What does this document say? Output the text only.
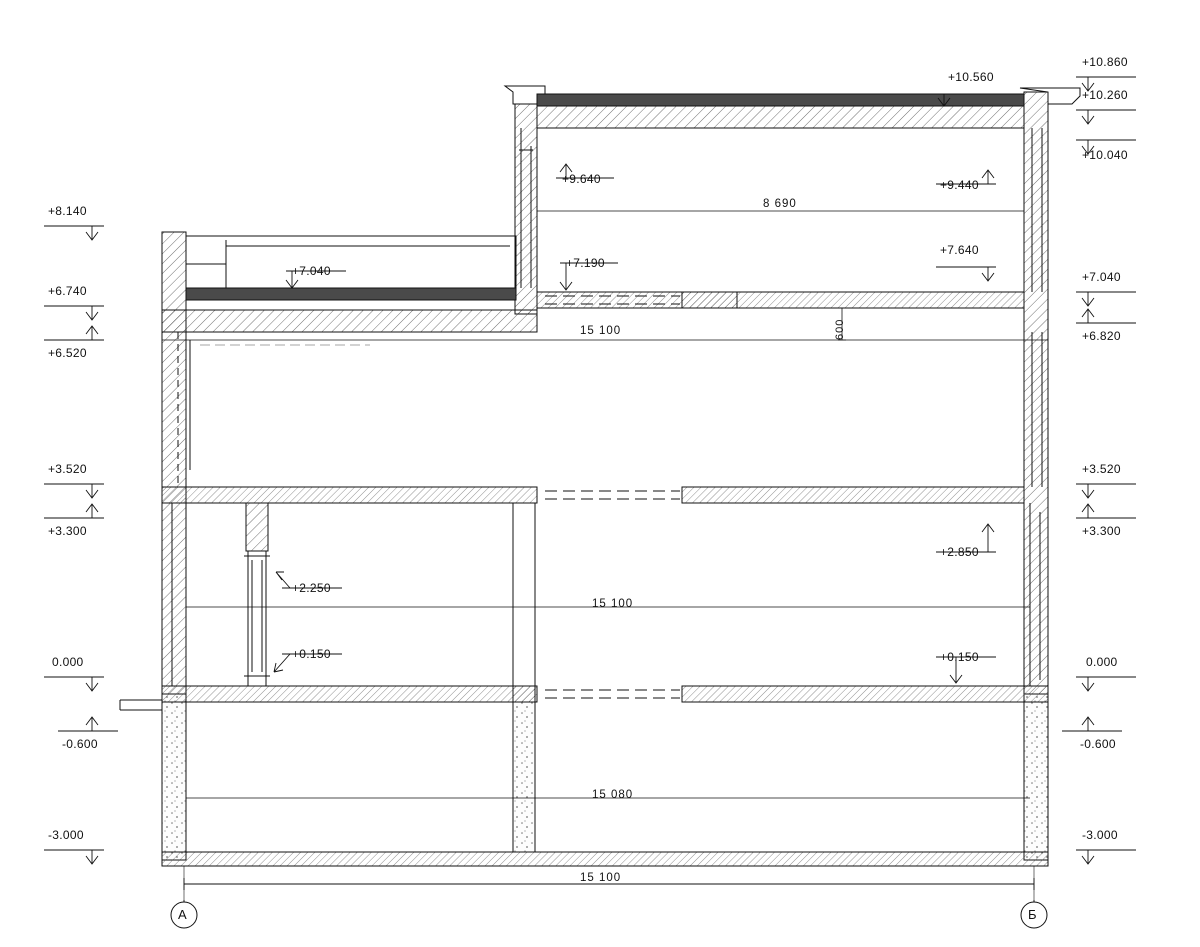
+8.140
+6.740
+6.520
+3.520
+3.300
0.000
-0.600
-3.000
+10.860
+10.260
+10.040
+7.040
+6.820
+3.520
+3.300
0.000
-0.600
-3.000
+10.560
+9.640	+9.440
+7.640
+7.190
+7.040
+2.850
+2.250
+0.150	+0.150
8 690
15 100
15 100
15 080
15 100
600
А	Б
